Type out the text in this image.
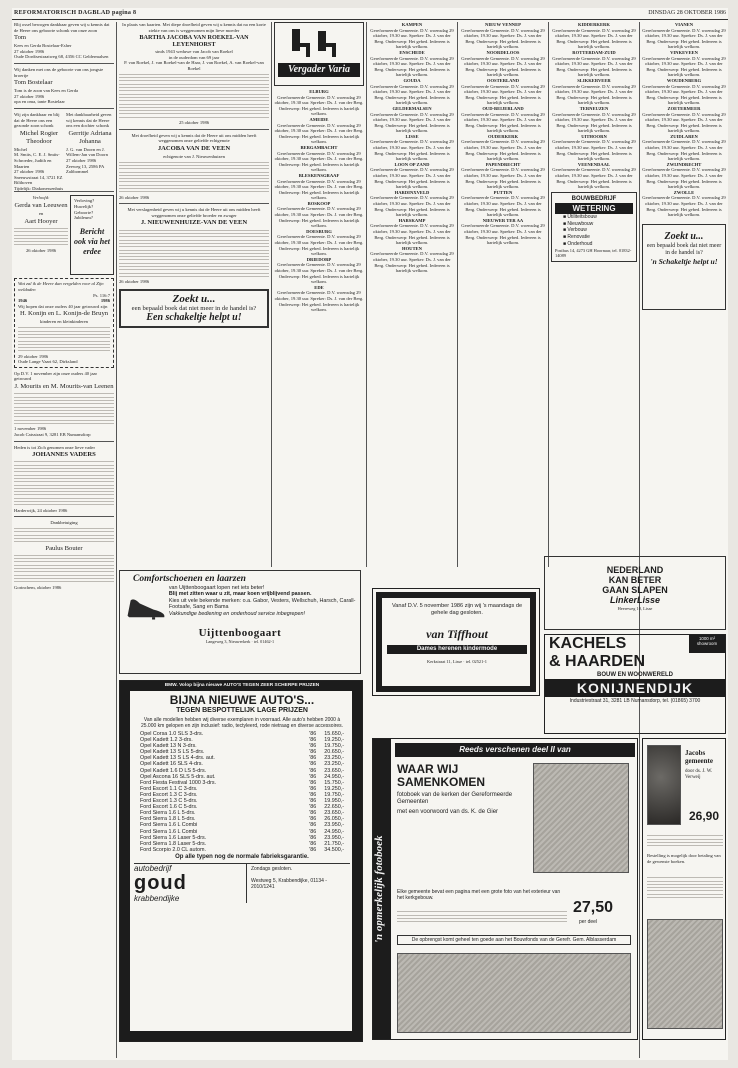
REFORMATORISCH DAGBLAD pagina 8	DINSDAG 28 OKTOBER 1986
Blij ossel bewogen dankbaar geven wij u kennis dat de Heere ons geboorte schonk van onze zoon
Tom
Kees en Gerda Bostelaar-Esher
27 oktober 1986
Oude Dordtsestraatweg 68, 4356 CC Geldermalsen
Wij danken met ons de geboorte van ons jongste broertje
Tom Bostelaar
Tom is de zoon van Kees en Gerda
27 oktober 1986
opa en oma, tante Bostelaar
Wij zijn dankbaar en blij dat de Heere ons een gezonde zoon schonk
Michel Rogier Theodoor
Michel
M. Smits, C. E. J. Smits-Schroeder, Judith en Maarten
27 oktober 1986
Sneeuwstraat 14, 3721 EZ Bilthoven
Tijdelijk: Diakonessenhuis
Met dankbaarheid geven wij kennis dat de Heere ons een dochter schonk
Gerritje Adriana Johanna
J. G. van Doorn en J. Willem-Jan van Doorn
27 oktober 1986
Zeeweg 13, 2586 PA Zaltbommel
Verloofd:
Gerda van Leeuwen
en
Aart Hooyer
26 oktober 1986
Verloving?
Huwelijk?
Geboorte?
Jubileum?
Bericht ook via het erdee
Wat zal ik de Heere dan vergelden voor al Zijn weldaden
Ps. 116:7
1946	1986
Wij hopen dat onze ouders 40 jaar getrouwd zijn
H. Konijn en L. Konijn-de Bruyn
kinderen en kleinkinderen
29 oktober 1986
Oude Lange Vaart 62, Dirksland
Op D.V. 1 november zijn onze ouders 40 jaar getrouwd
J. Mourits en M. Mourits-van Leenen
1 november 1986
Jacob Catsstraat 9, 3281 EB Numansdorp
Heden is tot Zich genomen onze lieve vader
JOHANNES VADERS
Harderwijk, 24 oktober 1986
Dankbetuiging
Paulus Bouter
Gorinchem, oktober 1986
In plaats van kaarten. Met diepe droefheid geven wij u kennis dat na een korte ziekte van ons is weggenomen mijn lieve moeder
BARTHA JACOBA VAN ROEKEL-VAN LEYENHORST
sinds 1943 weduwe van Jacob van Roekel
in de ouderdom van 69 jaar
P. van Roekel, J. van Roekel-van de Haar, J. van Roekel, A. van Roekel-van Roekel
25 oktober 1986
Met droefheid geven wij u kennis dat de Heere uit ons midden heeft weggenomen onze geliefde echtgenote
JACOBA VAN DE VEEN
echtgenote van J. Nieuwenhuizen
26 oktober 1986
Met verslagenheid geven wij u kennis dat de Heere uit ons midden heeft weggenomen onze geliefde broeder en zwager
J. NIEUWENHUIZE-VAN DE VEEN
26 oktober 1986
Zoekt u...
een bepaald boek dat niet meer in de handel is?
Een schakeltje helpt u!
Vergader Varia
ELBURG
Gereformeerde Gemeente. D.V. woensdag 29 oktober, 19.30 uur. Spreker: Ds. J. van der Berg. Onderwerp: Het gebed. Iedereen is hartelijk welkom.
AMEIDE
Gereformeerde Gemeente. D.V. woensdag 29 oktober, 19.30 uur. Spreker: Ds. J. van der Berg. Onderwerp: Het gebed. Iedereen is hartelijk welkom.
BERGAMBACHT
Gereformeerde Gemeente. D.V. woensdag 29 oktober, 19.30 uur. Spreker: Ds. J. van der Berg. Onderwerp: Het gebed. Iedereen is hartelijk welkom.
BLESKENSGRAAF
Gereformeerde Gemeente. D.V. woensdag 29 oktober, 19.30 uur. Spreker: Ds. J. van der Berg. Onderwerp: Het gebed. Iedereen is hartelijk welkom.
BOSKOOP
Gereformeerde Gemeente. D.V. woensdag 29 oktober, 19.30 uur. Spreker: Ds. J. van der Berg. Onderwerp: Het gebed. Iedereen is hartelijk welkom.
DOESBURG
Gereformeerde Gemeente. D.V. woensdag 29 oktober, 19.30 uur. Spreker: Ds. J. van der Berg. Onderwerp: Het gebed. Iedereen is hartelijk welkom.
DRIEDORP
Gereformeerde Gemeente. D.V. woensdag 29 oktober, 19.30 uur. Spreker: Ds. J. van der Berg. Onderwerp: Het gebed. Iedereen is hartelijk welkom.
EDE
Gereformeerde Gemeente. D.V. woensdag 29 oktober, 19.30 uur. Spreker: Ds. J. van der Berg. Onderwerp: Het gebed. Iedereen is hartelijk welkom.
KAMPEN
Gereformeerde Gemeente. D.V. woensdag 29 oktober, 19.30 uur. Spreker: Ds. J. van der Berg. Onderwerp: Het gebed. Iedereen is hartelijk welkom.
ENSCHEDE
Gereformeerde Gemeente. D.V. woensdag 29 oktober, 19.30 uur. Spreker: Ds. J. van der Berg. Onderwerp: Het gebed. Iedereen is hartelijk welkom.
GOUDA
Gereformeerde Gemeente. D.V. woensdag 29 oktober, 19.30 uur. Spreker: Ds. J. van der Berg. Onderwerp: Het gebed. Iedereen is hartelijk welkom.
GELDERMALSEN
Gereformeerde Gemeente. D.V. woensdag 29 oktober, 19.30 uur. Spreker: Ds. J. van der Berg. Onderwerp: Het gebed. Iedereen is hartelijk welkom.
LISSE
Gereformeerde Gemeente. D.V. woensdag 29 oktober, 19.30 uur. Spreker: Ds. J. van der Berg. Onderwerp: Het gebed. Iedereen is hartelijk welkom.
LOON OP ZAND
Gereformeerde Gemeente. D.V. woensdag 29 oktober, 19.30 uur. Spreker: Ds. J. van der Berg. Onderwerp: Het gebed. Iedereen is hartelijk welkom.
HARDINXVELD
Gereformeerde Gemeente. D.V. woensdag 29 oktober, 19.30 uur. Spreker: Ds. J. van der Berg. Onderwerp: Het gebed. Iedereen is hartelijk welkom.
HARSKAMP
Gereformeerde Gemeente. D.V. woensdag 29 oktober, 19.30 uur. Spreker: Ds. J. van der Berg. Onderwerp: Het gebed. Iedereen is hartelijk welkom.
HOUTEN
Gereformeerde Gemeente. D.V. woensdag 29 oktober, 19.30 uur. Spreker: Ds. J. van der Berg. Onderwerp: Het gebed. Iedereen is hartelijk welkom.
NIEUW VENNEP
Gereformeerde Gemeente. D.V. woensdag 29 oktober, 19.30 uur. Spreker: Ds. J. van der Berg. Onderwerp: Het gebed. Iedereen is hartelijk welkom.
NOORDELOOS
Gereformeerde Gemeente. D.V. woensdag 29 oktober, 19.30 uur. Spreker: Ds. J. van der Berg. Onderwerp: Het gebed. Iedereen is hartelijk welkom.
OOSTERLAND
Gereformeerde Gemeente. D.V. woensdag 29 oktober, 19.30 uur. Spreker: Ds. J. van der Berg. Onderwerp: Het gebed. Iedereen is hartelijk welkom.
OUD-BEIJERLAND
Gereformeerde Gemeente. D.V. woensdag 29 oktober, 19.30 uur. Spreker: Ds. J. van der Berg. Onderwerp: Het gebed. Iedereen is hartelijk welkom.
OUDERKERK
Gereformeerde Gemeente. D.V. woensdag 29 oktober, 19.30 uur. Spreker: Ds. J. van der Berg. Onderwerp: Het gebed. Iedereen is hartelijk welkom.
PAPENDRECHT
Gereformeerde Gemeente. D.V. woensdag 29 oktober, 19.30 uur. Spreker: Ds. J. van der Berg. Onderwerp: Het gebed. Iedereen is hartelijk welkom.
PUTTEN
Gereformeerde Gemeente. D.V. woensdag 29 oktober, 19.30 uur. Spreker: Ds. J. van der Berg. Onderwerp: Het gebed. Iedereen is hartelijk welkom.
NIEUWER TER AA
Gereformeerde Gemeente. D.V. woensdag 29 oktober, 19.30 uur. Spreker: Ds. J. van der Berg. Onderwerp: Het gebed. Iedereen is hartelijk welkom.
KIDDERKERK
Gereformeerde Gemeente. D.V. woensdag 29 oktober, 19.30 uur. Spreker: Ds. J. van der Berg. Onderwerp: Het gebed. Iedereen is hartelijk welkom.
ROTTERDAM-ZUID
Gereformeerde Gemeente. D.V. woensdag 29 oktober, 19.30 uur. Spreker: Ds. J. van der Berg. Onderwerp: Het gebed. Iedereen is hartelijk welkom.
SLIKKERVEER
Gereformeerde Gemeente. D.V. woensdag 29 oktober, 19.30 uur. Spreker: Ds. J. van der Berg. Onderwerp: Het gebed. Iedereen is hartelijk welkom.
TERNEUZEN
Gereformeerde Gemeente. D.V. woensdag 29 oktober, 19.30 uur. Spreker: Ds. J. van der Berg. Onderwerp: Het gebed. Iedereen is hartelijk welkom.
UITHOORN
Gereformeerde Gemeente. D.V. woensdag 29 oktober, 19.30 uur. Spreker: Ds. J. van der Berg. Onderwerp: Het gebed. Iedereen is hartelijk welkom.
VEENENDAAL
Gereformeerde Gemeente. D.V. woensdag 29 oktober, 19.30 uur. Spreker: Ds. J. van der Berg. Onderwerp: Het gebed. Iedereen is hartelijk welkom.
BOUWBEDRIJF
WETERING
■ Utiliteitsbouw
■ Nieuwbouw
■ Verbouw
■ Renovatie
■ Onderhoud
Postbus 14, 4273 GH Hoornaar, tel. 01832-14089
VIANEN
Gereformeerde Gemeente. D.V. woensdag 29 oktober, 19.30 uur. Spreker: Ds. J. van der Berg. Onderwerp: Het gebed. Iedereen is hartelijk welkom.
VINKEVEEN
Gereformeerde Gemeente. D.V. woensdag 29 oktober, 19.30 uur. Spreker: Ds. J. van der Berg. Onderwerp: Het gebed. Iedereen is hartelijk welkom.
WOUDENBERG
Gereformeerde Gemeente. D.V. woensdag 29 oktober, 19.30 uur. Spreker: Ds. J. van der Berg. Onderwerp: Het gebed. Iedereen is hartelijk welkom.
ZOETERMEER
Gereformeerde Gemeente. D.V. woensdag 29 oktober, 19.30 uur. Spreker: Ds. J. van der Berg. Onderwerp: Het gebed. Iedereen is hartelijk welkom.
ZUIDLAREN
Gereformeerde Gemeente. D.V. woensdag 29 oktober, 19.30 uur. Spreker: Ds. J. van der Berg. Onderwerp: Het gebed. Iedereen is hartelijk welkom.
ZWIJNDRECHT
Gereformeerde Gemeente. D.V. woensdag 29 oktober, 19.30 uur. Spreker: Ds. J. van der Berg. Onderwerp: Het gebed. Iedereen is hartelijk welkom.
ZWOLLE
Gereformeerde Gemeente. D.V. woensdag 29 oktober, 19.30 uur. Spreker: Ds. J. van der Berg. Onderwerp: Het gebed. Iedereen is hartelijk welkom.
Zoekt u...
een bepaald boek dat niet meer in de handel is?
'n Schakeltje helpt u!
Comfortschoenen en laarzen
van Uijttenboogaart lopen net iets beter!
Blij met zitten waar u zit, maar koen vrijblijvend passen.
Kies uit vele bekende merken: o.a. Gabor, Vesters, Wellschuh, Harsch, Carall-Footsafe, Sang en Bama
Vakkundige bediening en onderhoud service inbegrepen!
Uijttenboogaart
Langeweg 3, Nieuwerkerk · tel. 01462-1
BMW. Volop bijna nieuwe AUTO'S TEGEN ZEER SCHERPE PRIJZEN
BIJNA NIEUWE AUTO'S...
TEGEN BESPOTTELIJK LAGE PRIJZEN
Van alle modellen hebben wij diverse exemplaren in voorraad. Alle auto's hebben 2000 à 25.000 km gelopen en zijn inclusief: radio, tectyleerd, rode nietraag en diverse accessoires.
Opel Corsa 1.0 SLS 3-drs.	'86 15.650,-
Opel Kadett 1.2 3-drs.	'86 19.250,-
Opel Kadett 13 N 3-drs.	'86 19.750,-
Opel Kadett 13 S LS 5-drs.	'86 20.650,-
Opel Kadett 13 S LS 4-drs. aut.	'86 23.250,-
Opel Kadett 16 SLS 4-drs.	'86 23.250,-
Opel Kadett 1.6 D LS 5-drs.	'86 23.650,-
Opel Ascona 16 SLS 5-drs. aut.	'86 24.950,-
Ford Fiesta Festival 1000 3-drs.	'86 15.750,-
Ford Escort 1.1 C 3-drs.	'86 19.250,-
Ford Escort 1.3 C 3-drs.	'86 19.750,-
Ford Escort 1.3 C 5-drs.	'86 19.950,-
Ford Escort 1.6 C 5-drs.	'86 22.650,-
Ford Sierra 1.6 L 5-drs.	'86 23.650,-
Ford Sierra 1.8 L 5-drs.	'86 26.050,-
Ford Sierra 1.6 L Combi	'86 23.950,-
Ford Sierra 1.6 L Combi	'86 24.950,-
Ford Sierra 1.6 Laser 5-drs.	'86 23.950,-
Ford Sierra 1.8 Laser 5-drs.	'86 21.750,-
Ford Scorpio 2.0 CL autom.	'86 34.500,-
Op alle typen nog de normale fabrieksgarantie.
autobedrijf
goud
krabbendijke
Zondags gesloten.
Westweg 5, Krabbendijke, 01134 - 2010/1241
Vanaf D.V. 5 november 1986 zijn wij 's maandags de gehele dag gesloten.
van Tiffhout
Dames herenen kindermode
Kerkstraat 11, Lisse · tel. 02521-1
NEDERLAND
KAN BETER
GAAN SLAPEN
LinkerLisse
Heereweg 10, Lisse
KACHELS	1000 m² showroom
& HAARDEN
BOUW EN WOONWERELD
KONIJNENDIJK
Industriestraat 31, 3281 LB Numansdorp, tel. (01865) 3700
'n opmerkelijk fotoboek
Reeds verschenen deel II van
WAAR WIJ SAMENKOMEN
fotoboek van de kerken der Gereformeerde Gemeenten
met een voorwoord van ds. K. de Gier
Elke gemeente bevat een pagina met een grote foto van het exterieur van het kerkgebouw.
27,50
per deel
De opbrengst komt geheel ten goede aan het Bouwfonds van de Gerefr. Gem. Alblasserdam
Jacobs gemeente
door ds. J. W. Verweij
26,90
Bestelling is mogelijk door betaling van de gewenste boeken.
